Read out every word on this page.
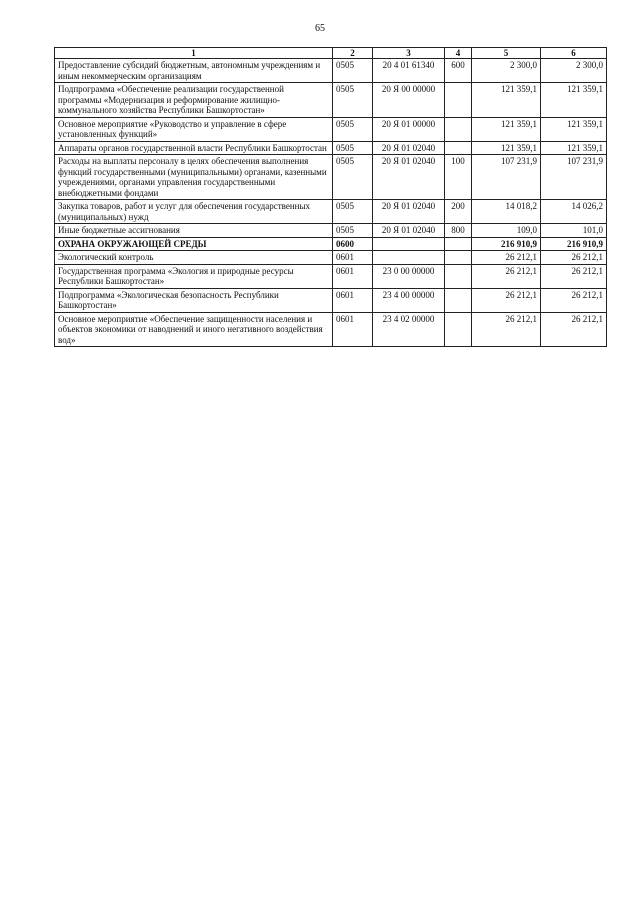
65
1	2	3	4	5	6
Предоставление субсидий бюджетным, автономным учреждениям и иным некоммерческим организациям	0505	20 4 01 61340	600	2 300,0	2 300,0
Подпрограмма «Обеспечение реализации государственной программы «Модернизация и реформирование жилищно-коммунального хозяйства Республики Башкортостан»	0505	20 Я 00 00000		121 359,1	121 359,1
Основное мероприятие «Руководство и управление в сфере установленных функций»	0505	20 Я 01 00000		121 359,1	121 359,1
Аппараты органов государственной власти Республики Башкортостан	0505	20 Я 01 02040		121 359,1	121 359,1
Расходы на выплаты персоналу в целях обеспечения выполнения функций государственными (муниципальными) органами, казенными учреждениями, органами управления государственными внебюджетными фондами	0505	20 Я 01 02040	100	107 231,9	107 231,9
Закупка товаров, работ и услуг для обеспечения государственных (муниципальных) нужд	0505	20 Я 01 02040	200	14 018,2	14 026,2
Иные бюджетные ассигнования	0505	20 Я 01 02040	800	109,0	101,0
ОХРАНА ОКРУЖАЮЩЕЙ СРЕДЫ	0600			216 910,9	216 910,9
Экологический контроль	0601			26 212,1	26 212,1
Государственная программа «Экология и природные ресурсы Республики Башкортостан»	0601	23 0 00 00000		26 212,1	26 212,1
Подпрограмма «Экологическая безопасность Республики Башкортостан»	0601	23 4 00 00000		26 212,1	26 212,1
Основное мероприятие «Обеспечение защищенности населения и объектов экономики от наводнений и иного негативного воздействия вод»	0601	23 4 02 00000		26 212,1	26 212,1
